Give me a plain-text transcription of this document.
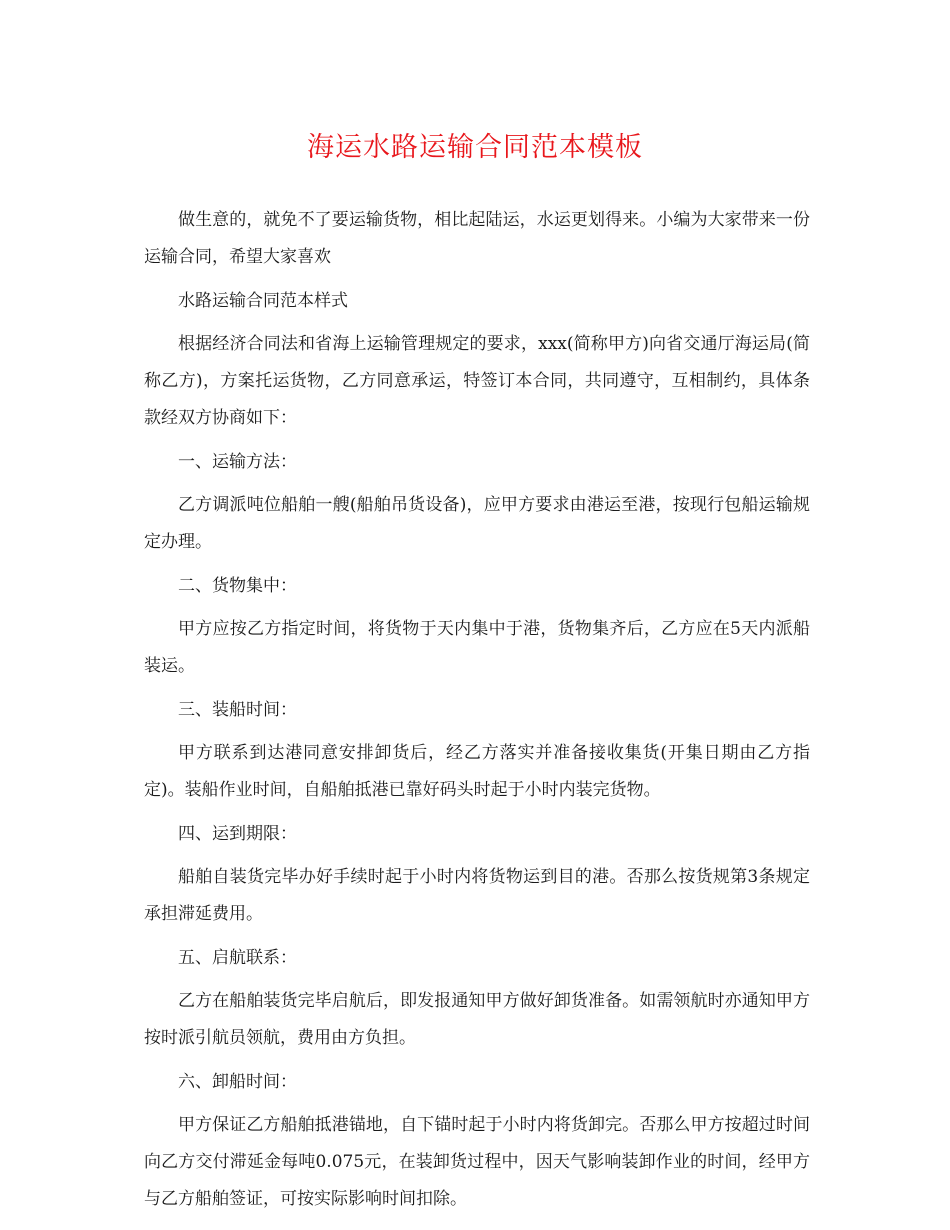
海运水路运输合同范本模板

做生意的，就免不了要运输货物，相比起陆运，水运更划得来。小编为大家带来一份运输合同，希望大家喜欢

水路运输合同范本样式

根据经济合同法和省海上运输管理规定的要求，xxx(简称甲方)向省交通厅海运局(简称乙方)，方案托运货物，乙方同意承运，特签订本合同，共同遵守，互相制约，具体条款经双方协商如下：

一、运输方法：

乙方调派吨位船舶一艘(船舶吊货设备)，应甲方要求由港运至港，按现行包船运输规定办理。

二、货物集中：

甲方应按乙方指定时间，将货物于天内集中于港，货物集齐后，乙方应在5天内派船装运。

三、装船时间：

甲方联系到达港同意安排卸货后，经乙方落实并准备接收集货(开集日期由乙方指定)。装船作业时间，自船舶抵港已靠好码头时起于小时内装完货物。

四、运到期限：

船舶自装货完毕办好手续时起于小时内将货物运到目的港。否那么按货规第3条规定承担滞延费用。

五、启航联系：

乙方在船舶装货完毕启航后，即发报通知甲方做好卸货准备。如需领航时亦通知甲方按时派引航员领航，费用由方负担。

六、卸船时间：

甲方保证乙方船舶抵港锚地，自下锚时起于小时内将货卸完。否那么甲方按超过时间向乙方交付滞延金每吨0.075元，在装卸货过程中，因天气影响装卸作业的时间，经甲方与乙方船舶签证，可按实际影响时间扣除。
